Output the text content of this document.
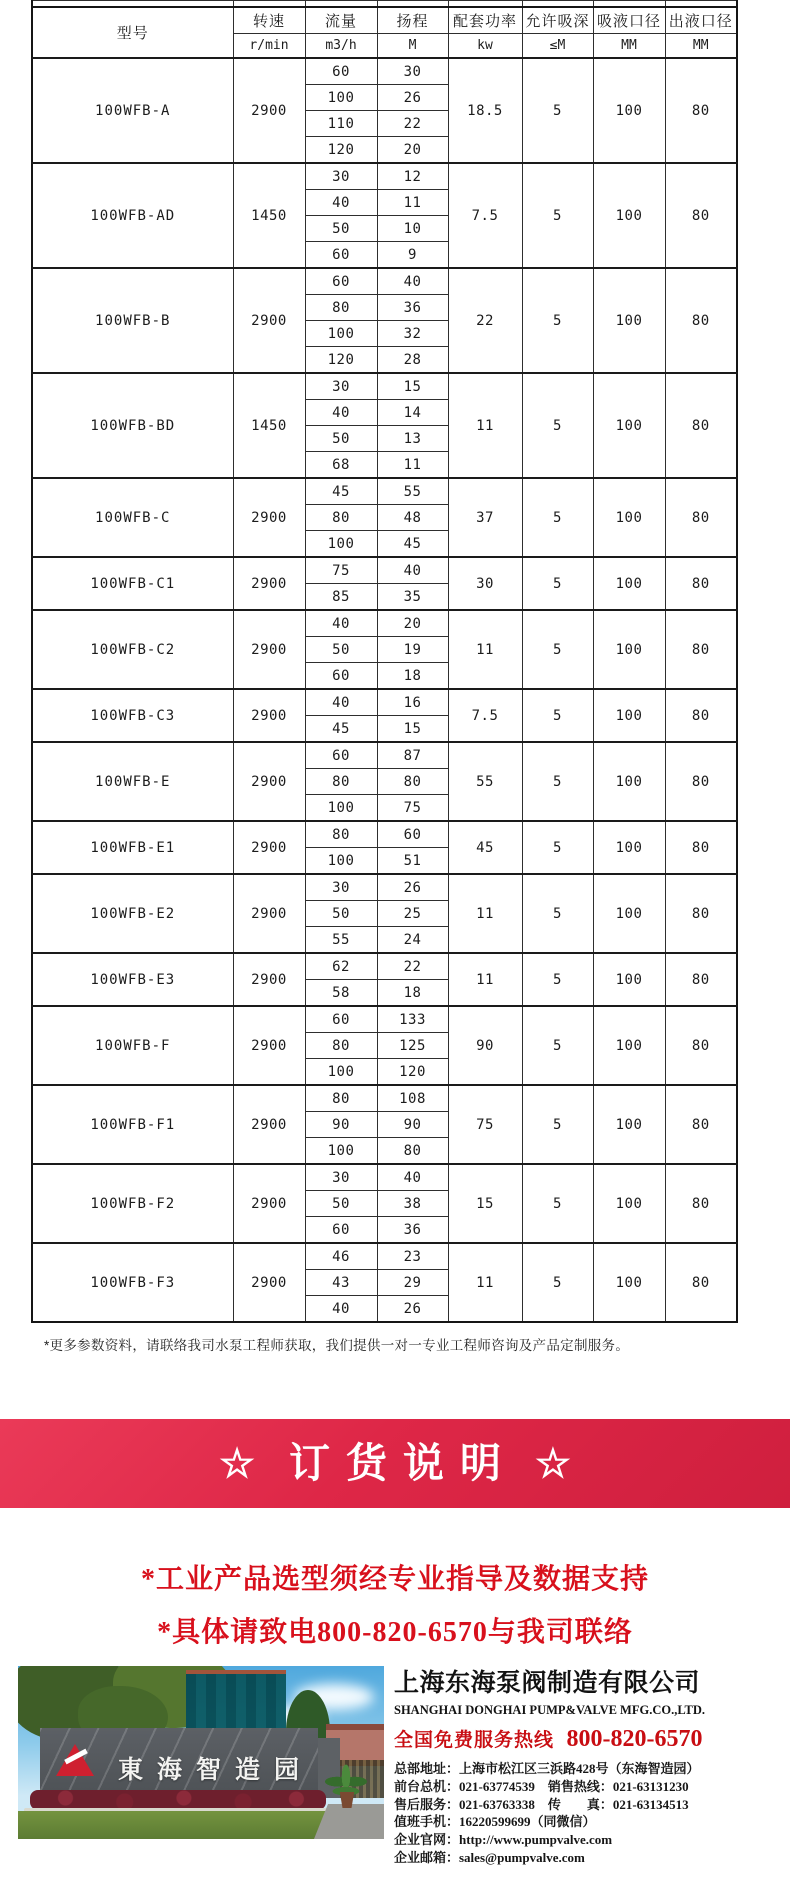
型号	转速	流量	扬程	配套功率	允许吸深	吸液口径	出液口径
	r/min	m3/h	M	kw	≤M	MM	MM
100WFB-A	2900	60	30	18.5	5	100	80
		100	26				
		110	22				
		120	20				
100WFB-AD	1450	30	12	7.5	5	100	80
		40	11				
		50	10				
		60	9				
100WFB-B	2900	60	40	22	5	100	80
		80	36				
		100	32				
		120	28				
100WFB-BD	1450	30	15	11	5	100	80
		40	14				
		50	13				
		68	11				
100WFB-C	2900	45	55	37	5	100	80
		80	48				
		100	45				
100WFB-C1	2900	75	40	30	5	100	80
		85	35				
100WFB-C2	2900	40	20	11	5	100	80
		50	19				
		60	18				
100WFB-C3	2900	40	16	7.5	5	100	80
		45	15				
100WFB-E	2900	60	87	55	5	100	80
		80	80				
		100	75				
100WFB-E1	2900	80	60	45	5	100	80
		100	51				
100WFB-E2	2900	30	26	11	5	100	80
		50	25				
		55	24				
100WFB-E3	2900	62	22	11	5	100	80
		58	18				
100WFB-F	2900	60	133	90	5	100	80
		80	125				
		100	120				
100WFB-F1	2900	80	108	75	5	100	80
		90	90				
		100	80				
100WFB-F2	2900	30	40	15	5	100	80
		50	38				
		60	36				
100WFB-F3	2900	46	23	11	5	100	80
		43	29				
		40	26				
*更多参数资料，请联络我司水泵工程师获取，我们提供一对一专业工程师咨询及产品定制服务。
☆ 订货说明 ☆
*工业产品选型须经专业指导及数据支持
*具体请致电800-820-6570与我司联络
東海智造园
上海东海泵阀制造有限公司
SHANGHAI DONGHAI PUMP&VALVE MFG.CO.,LTD.
全国免费服务热线 800-820-6570
总部地址：上海市松江区三浜路428号（东海智造园）
前台总机：021-63774539　销售热线：021-63131230
售后服务：021-63763338　传　　真：021-63134513
值班手机：16220599699（同微信）
企业官网：http://www.pumpvalve.com
企业邮箱：sales@pumpvalve.com
